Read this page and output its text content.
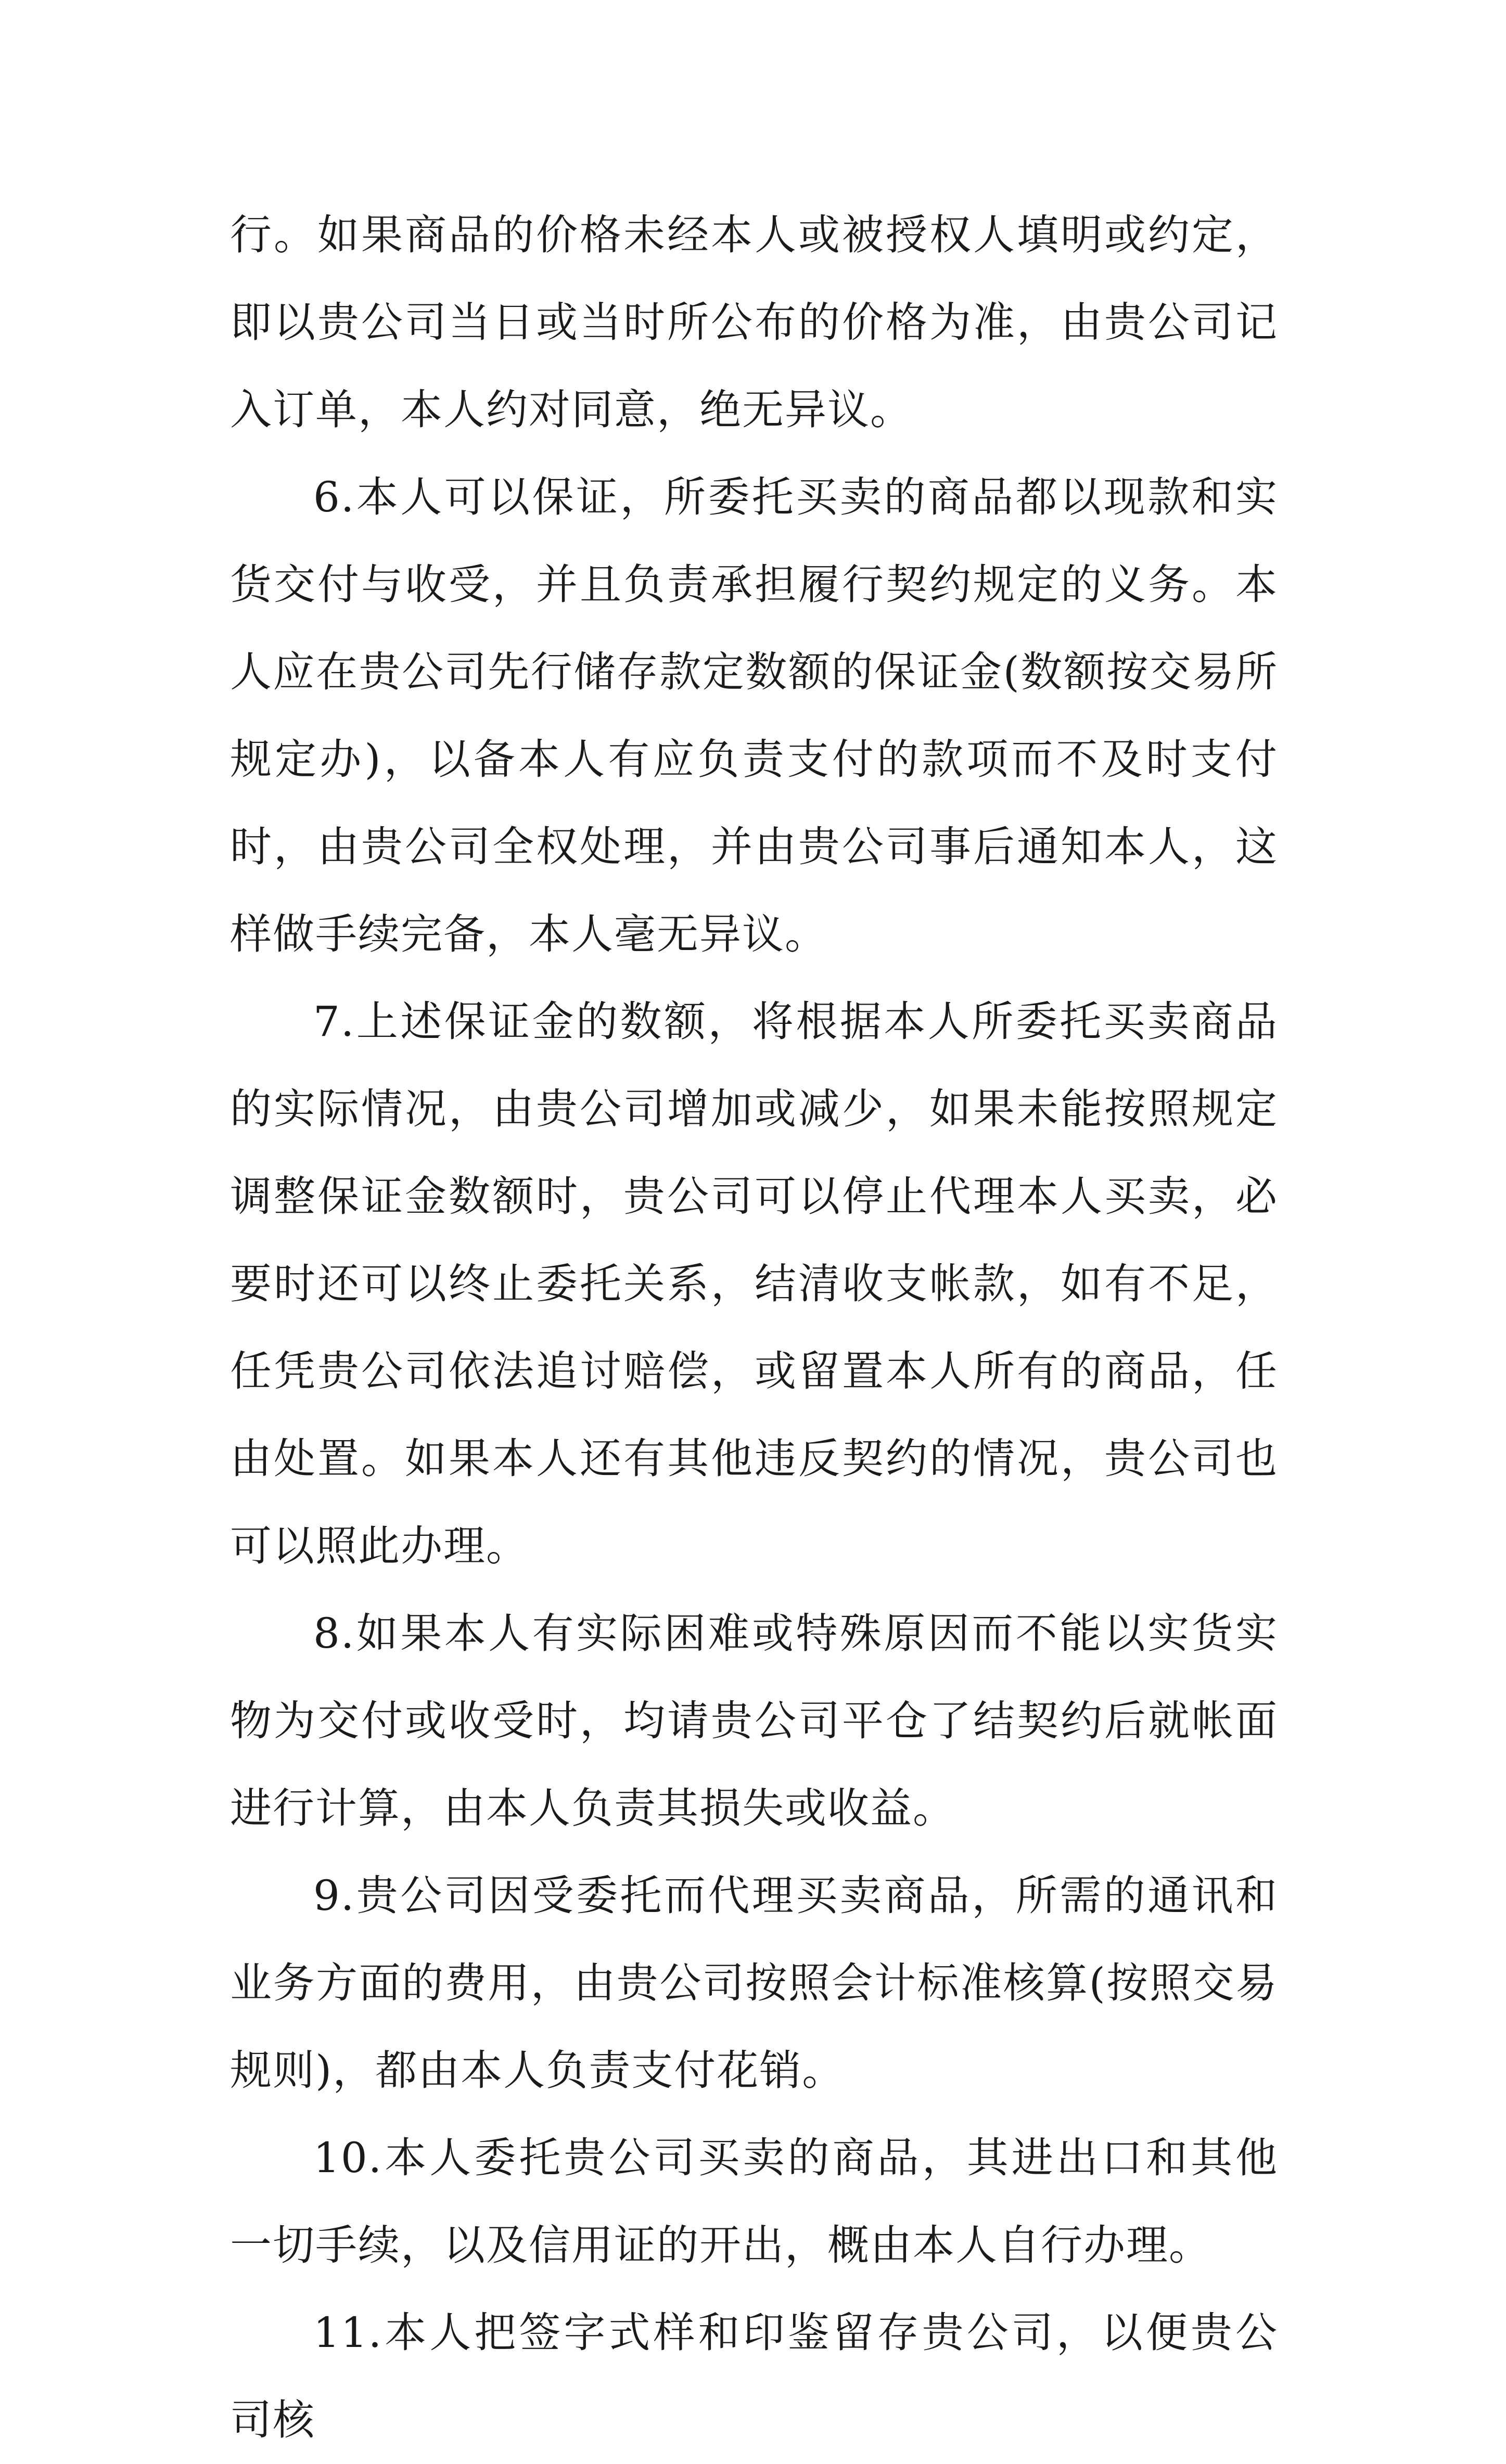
行。如果商品的价格未经本人或被授权人填明或约定，即以贵公司当日或当时所公布的价格为准，由贵公司记入订单，本人约对同意，绝无异议。

6.本人可以保证，所委托买卖的商品都以现款和实货交付与收受，并且负责承担履行契约规定的义务。本人应在贵公司先行储存款定数额的保证金(数额按交易所规定办)，以备本人有应负责支付的款项而不及时支付时，由贵公司全权处理，并由贵公司事后通知本人，这样做手续完备，本人毫无异议。

7.上述保证金的数额，将根据本人所委托买卖商品的实际情况，由贵公司增加或减少，如果未能按照规定调整保证金数额时，贵公司可以停止代理本人买卖，必要时还可以终止委托关系，结清收支帐款，如有不足，任凭贵公司依法追讨赔偿，或留置本人所有的商品，任由处置。如果本人还有其他违反契约的情况，贵公司也可以照此办理。

8.如果本人有实际困难或特殊原因而不能以实货实物为交付或收受时，均请贵公司平仓了结契约后就帐面进行计算，由本人负责其损失或收益。

9.贵公司因受委托而代理买卖商品，所需的通讯和业务方面的费用，由贵公司按照会计标准核算(按照交易规则)，都由本人负责支付花销。

10.本人委托贵公司买卖的商品，其进出口和其他一切手续，以及信用证的开出，概由本人自行办理。

11.本人把签字式样和印鉴留存贵公司，以便贵公司核
